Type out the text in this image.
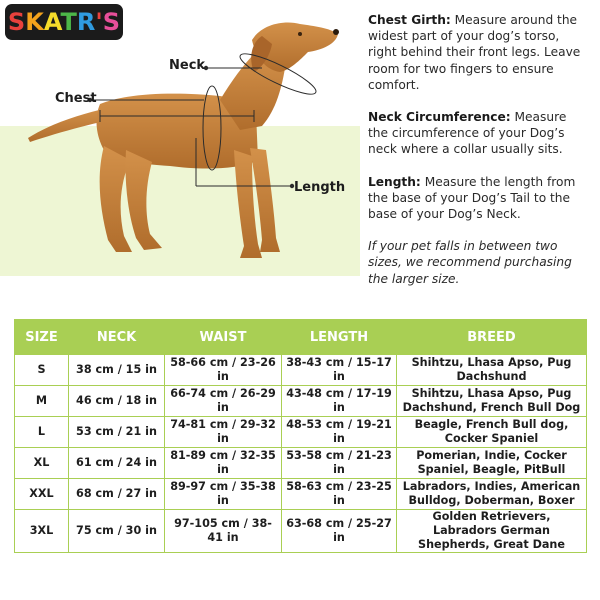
SKATR'S
Neck
Chest
Length

Chest Girth: Measure around the widest part of your dog’s torso, right behind their front legs. Leave room for two fingers to ensure comfort.

Neck Circumference: Measure the circumference of your Dog’s neck where a collar usually sits.

Length: Measure the length from the base of your Dog’s Tail to the base of your Dog’s Neck.

If your pet falls in between two sizes, we recommend purchasing the larger size.

SIZE	NECK	WAIST	LENGTH	BREED
S	38 cm / 15 in	58-66 cm / 23-26 in	38-43 cm / 15-17 in	Shihtzu, Lhasa Apso, Pug Dachshund
M	46 cm / 18 in	66-74 cm / 26-29 in	43-48 cm / 17-19 in	Shihtzu, Lhasa Apso, Pug Dachshund, French Bull Dog
L	53 cm / 21 in	74-81 cm / 29-32 in	48-53 cm / 19-21 in	Beagle, French Bull dog, Cocker Spaniel
XL	61 cm / 24 in	81-89 cm / 32-35 in	53-58 cm / 21-23 in	Pomerian, Indie, Cocker Spaniel, Beagle, PitBull
XXL	68 cm / 27 in	89-97 cm / 35-38 in	58-63 cm / 23-25 in	Labradors, Indies, American Bulldog, Doberman, Boxer
3XL	75 cm / 30 in	97-105 cm / 38-41 in	63-68 cm / 25-27 in	Golden Retrievers, Labradors German Shepherds, Great Dane
